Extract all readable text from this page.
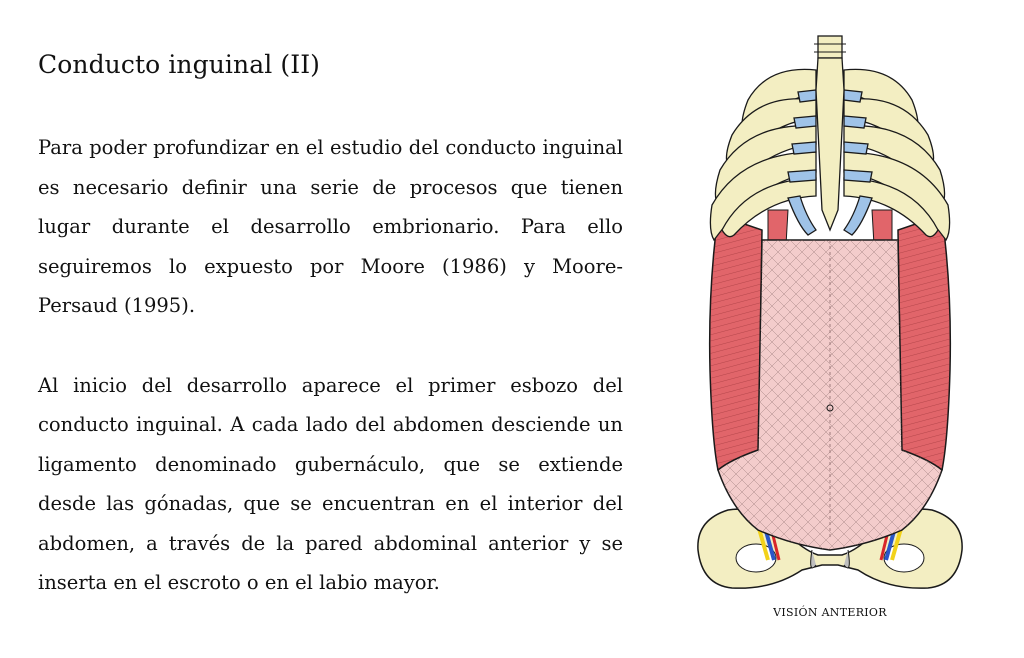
Conducto inguinal (II)

Para poder profundizar en el estudio del conducto inguinal es necesario definir una serie de procesos que tienen lugar durante el desarrollo embrionario. Para ello seguiremos lo expuesto por Moore (1986) y Moore-Persaud (1995).

Al inicio del desarrollo aparece el primer esbozo del conducto inguinal. A cada lado del abdomen desciende un ligamento denominado gubernáculo, que se extiende desde las gónadas, que se encuentran en el interior del abdomen, a través de la pared abdominal anterior y se inserta en el escroto o en el labio mayor.

VISIÓN ANTERIOR
